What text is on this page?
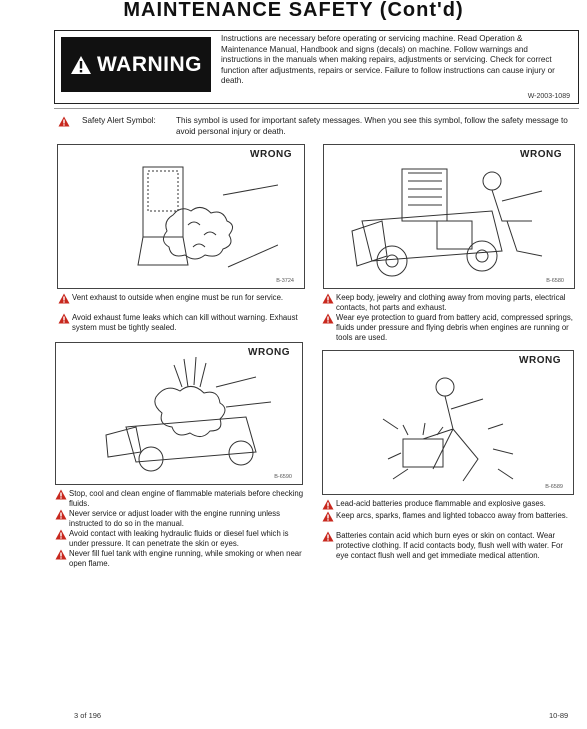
MAINTENANCE SAFETY (Cont'd)
WARNING
Instructions are necessary before operating or servicing machine. Read Operation & Maintenance Manual, Handbook and signs (decals) on machine. Follow warnings and instructions in the manuals when making repairs, adjustments or servicing. Check for correct function after adjustments, repairs or service. Failure to follow instructions can cause injury or death.
W-2003-1089
Safety Alert Symbol: This symbol is used for important safety messages. When you see this symbol, follow the safety message to avoid personal injury or death.
WRONG
B-3724
WRONG
B-6580
Vent exhaust to outside when engine must be run for service.
Avoid exhaust fume leaks which can kill without warning. Exhaust system must be tightly sealed.
Keep body, jewelry and clothing away from moving parts, electrical contacts, hot parts and exhaust.
Wear eye protection to guard from battery acid, compressed springs, fluids under pressure and flying debris when engines are running or tools are used.
WRONG
B-6590
WRONG
B-6589
Stop, cool and clean engine of flammable materials before checking fluids.
Never service or adjust loader with the engine running unless instructed to do so in the manual.
Avoid contact with leaking hydraulic fluids or diesel fuel which is under pressure. It can penetrate the skin or eyes.
Never fill fuel tank with engine running, while smoking or when near open flame.
Lead-acid batteries produce flammable and explosive gases.
Keep arcs, sparks, flames and lighted tobacco away from batteries.
Batteries contain acid which burn eyes or skin on contact. Wear protective clothing. If acid contacts body, flush well with water. For eye contact flush well and get immediate medical attention.
3 of 196	10-89
